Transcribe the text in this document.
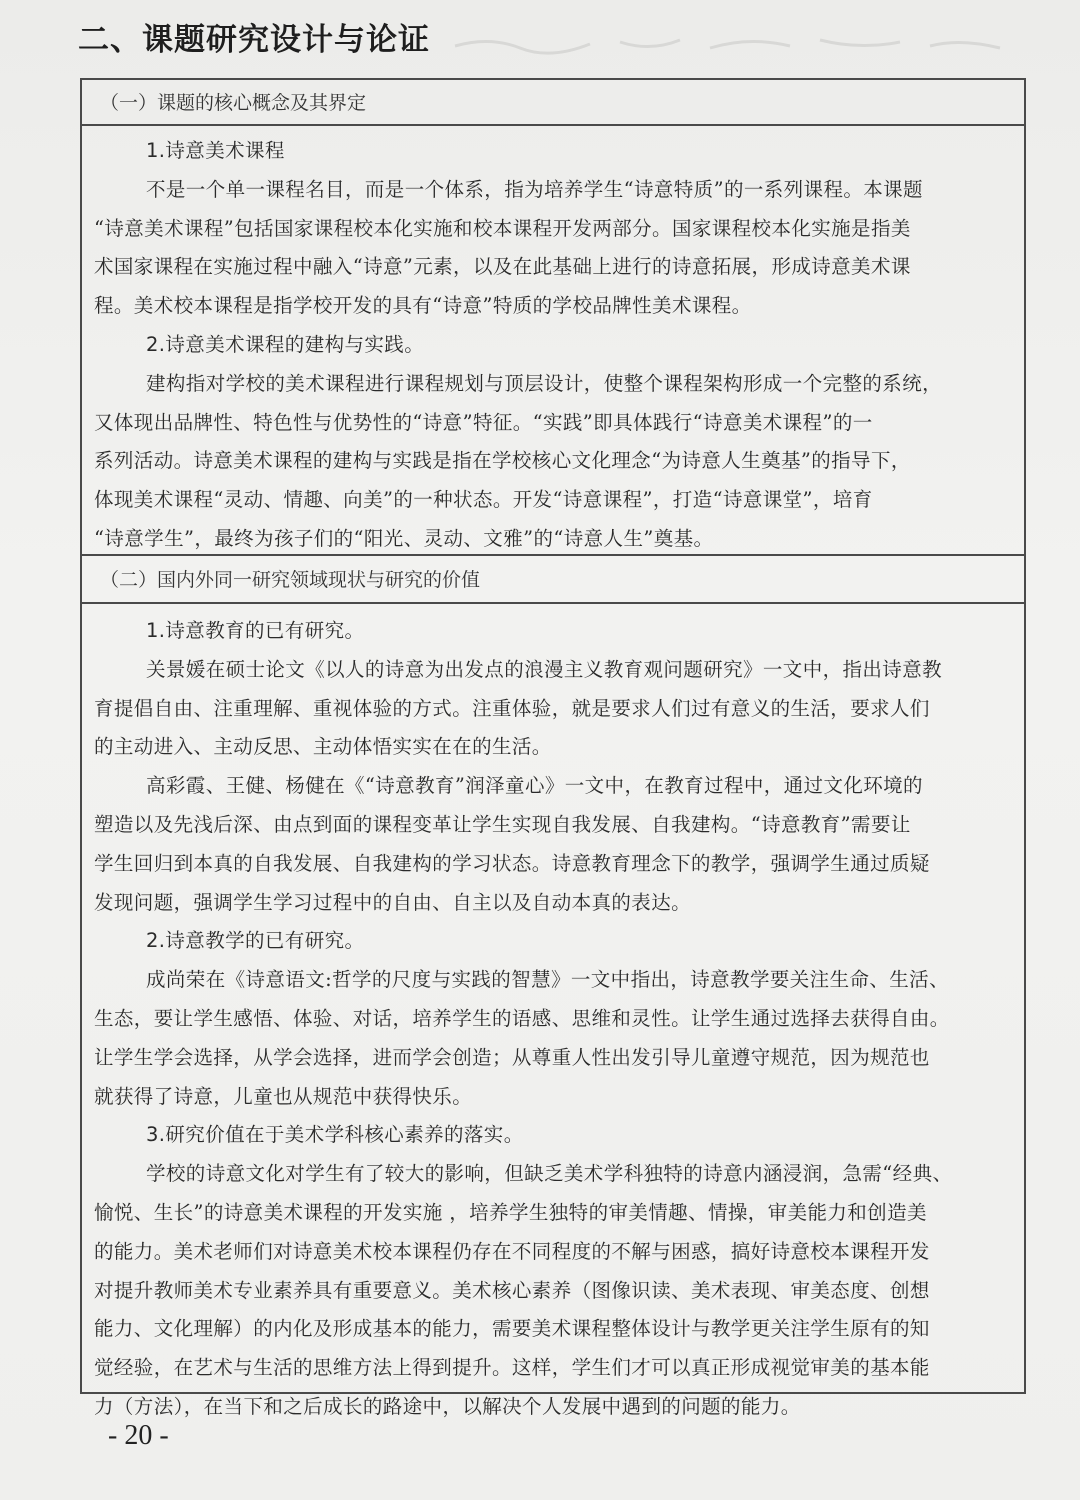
二、课题研究设计与论证
（一）课题的核心概念及其界定
1.诗意美术课程
不是一个单一课程名目，而是一个体系，指为培养学生“诗意特质”的一系列课程。本课题
“诗意美术课程”包括国家课程校本化实施和校本课程开发两部分。国家课程校本化实施是指美
术国家课程在实施过程中融入“诗意”元素，以及在此基础上进行的诗意拓展，形成诗意美术课
程。美术校本课程是指学校开发的具有“诗意”特质的学校品牌性美术课程。
2.诗意美术课程的建构与实践。
建构指对学校的美术课程进行课程规划与顶层设计，使整个课程架构形成一个完整的系统，
又体现出品牌性、特色性与优势性的“诗意”特征。“实践”即具体践行“诗意美术课程”的一
系列活动。诗意美术课程的建构与实践是指在学校核心文化理念“为诗意人生奠基”的指导下，
体现美术课程“灵动、情趣、向美”的一种状态。开发“诗意课程”，打造“诗意课堂”，培育
“诗意学生”，最终为孩子们的“阳光、灵动、文雅”的“诗意人生”奠基。
（二）国内外同一研究领域现状与研究的价值
1.诗意教育的已有研究。
关景媛在硕士论文《以人的诗意为出发点的浪漫主义教育观问题研究》一文中，指出诗意教
育提倡自由、注重理解、重视体验的方式。注重体验，就是要求人们过有意义的生活，要求人们
的主动进入、主动反思、主动体悟实实在在的生活。
高彩霞、王健、杨健在《“诗意教育”润泽童心》一文中，在教育过程中，通过文化环境的
塑造以及先浅后深、由点到面的课程变革让学生实现自我发展、自我建构。“诗意教育”需要让
学生回归到本真的自我发展、自我建构的学习状态。诗意教育理念下的教学，强调学生通过质疑
发现问题，强调学生学习过程中的自由、自主以及自动本真的表达。
2.诗意教学的已有研究。
成尚荣在《诗意语文:哲学的尺度与实践的智慧》一文中指出，诗意教学要关注生命、生活、
生态，要让学生感悟、体验、对话，培养学生的语感、思维和灵性。让学生通过选择去获得自由。
让学生学会选择，从学会选择，进而学会创造；从尊重人性出发引导儿童遵守规范，因为规范也
就获得了诗意，儿童也从规范中获得快乐。
3.研究价值在于美术学科核心素养的落实。
学校的诗意文化对学生有了较大的影响，但缺乏美术学科独特的诗意内涵浸润，急需“经典、
愉悦、生长”的诗意美术课程的开发实施 ，培养学生独特的审美情趣、情操，审美能力和创造美
的能力。美术老师们对诗意美术校本课程仍存在不同程度的不解与困惑，搞好诗意校本课程开发
对提升教师美术专业素养具有重要意义。美术核心素养（图像识读、美术表现、审美态度、创想
能力、文化理解）的内化及形成基本的能力，需要美术课程整体设计与教学更关注学生原有的知
觉经验，在艺术与生活的思维方法上得到提升。这样，学生们才可以真正形成视觉审美的基本能
力（方法），在当下和之后成长的路途中，以解决个人发展中遇到的问题的能力。
- 20 -
